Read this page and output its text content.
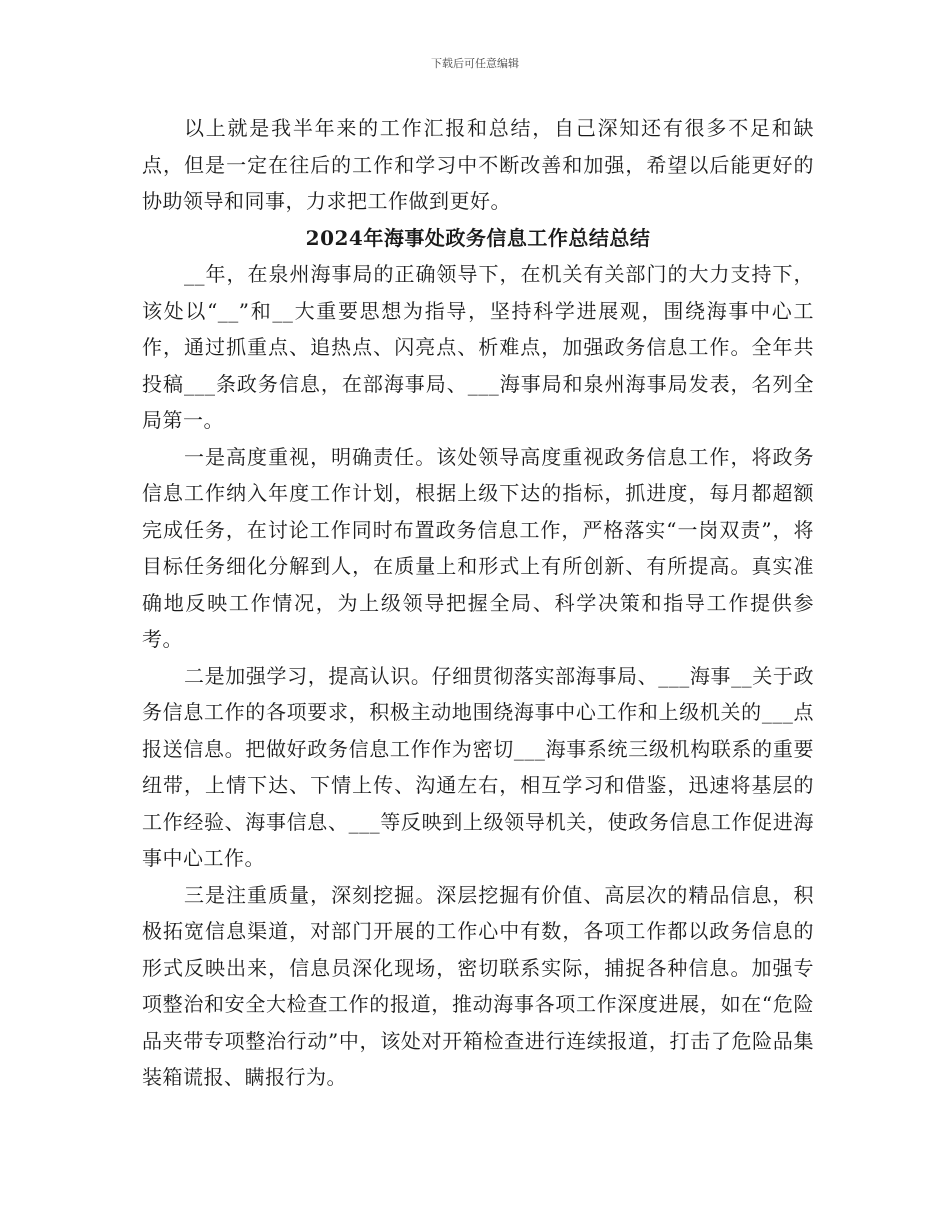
下载后可任意编辑

以上就是我半年来的工作汇报和总结，自己深知还有很多不足和缺点，但是一定在往后的工作和学习中不断改善和加强，希望以后能更好的协助领导和同事，力求把工作做到更好。

2024年海事处政务信息工作总结总结

__年，在泉州海事局的正确领导下，在机关有关部门的大力支持下，该处以“__”和__大重要思想为指导，坚持科学进展观，围绕海事中心工作，通过抓重点、追热点、闪亮点、析难点，加强政务信息工作。全年共投稿___条政务信息，在部海事局、___海事局和泉州海事局发表，名列全局第一。

一是高度重视，明确责任。该处领导高度重视政务信息工作，将政务信息工作纳入年度工作计划，根据上级下达的指标，抓进度，每月都超额完成任务，在讨论工作同时布置政务信息工作，严格落实“一岗双责”，将目标任务细化分解到人，在质量上和形式上有所创新、有所提高。真实准确地反映工作情况，为上级领导把握全局、科学决策和指导工作提供参考。

二是加强学习，提高认识。仔细贯彻落实部海事局、___海事__关于政务信息工作的各项要求，积极主动地围绕海事中心工作和上级机关的___点报送信息。把做好政务信息工作作为密切___海事系统三级机构联系的重要纽带，上情下达、下情上传、沟通左右，相互学习和借鉴，迅速将基层的工作经验、海事信息、___等反映到上级领导机关，使政务信息工作促进海事中心工作。

三是注重质量，深刻挖掘。深层挖掘有价值、高层次的精品信息，积极拓宽信息渠道，对部门开展的工作心中有数，各项工作都以政务信息的形式反映出来，信息员深化现场，密切联系实际，捕捉各种信息。加强专项整治和安全大检查工作的报道，推动海事各项工作深度进展，如在“危险品夹带专项整治行动”中，该处对开箱检查进行连续报道，打击了危险品集装箱谎报、瞒报行为。
